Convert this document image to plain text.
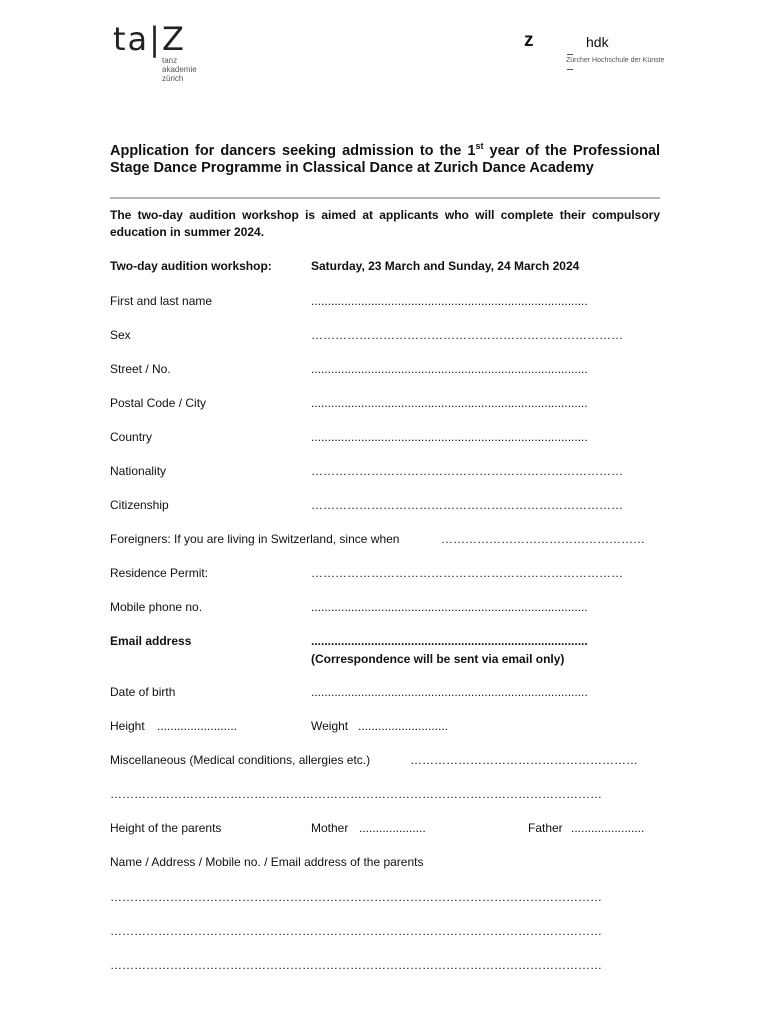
ta|Z
tanz
akademie
zürich
z	hdk
Zürcher Hochschule der Künste
Application for dancers seeking admission to the 1st year of the Professional Stage Dance Programme in Classical Dance at Zurich Dance Academy
The two-day audition workshop is aimed at applicants who will complete their compulsory education in summer 2024.
Two-day audition workshop:	Saturday, 23 March and Sunday, 24 March 2024
First and last name	...................................................................................
Sex	……………………………………………………………………
Street / No.	...................................................................................
Postal Code / City	...................................................................................
Country	...................................................................................
Nationality	……………………………………………………………………
Citizenship	……………………………………………………………………
Foreigners: If you are living in Switzerland, since when	……………………………………………
Residence Permit:	……………………………………………………………………
Mobile phone no.	...................................................................................
Email address	...................................................................................
(Correspondence will be sent via email only)
Date of birth	...................................................................................
Height ........................	Weight ...........................
Miscellaneous (Medical conditions, allergies etc.)	…………………………………………………
……………………………………………………………………………………………………………
Height of the parents	Mother ....................	Father ......................
Name / Address / Mobile no. / Email address of the parents
……………………………………………………………………………………………………………
……………………………………………………………………………………………………………
……………………………………………………………………………………………………………
